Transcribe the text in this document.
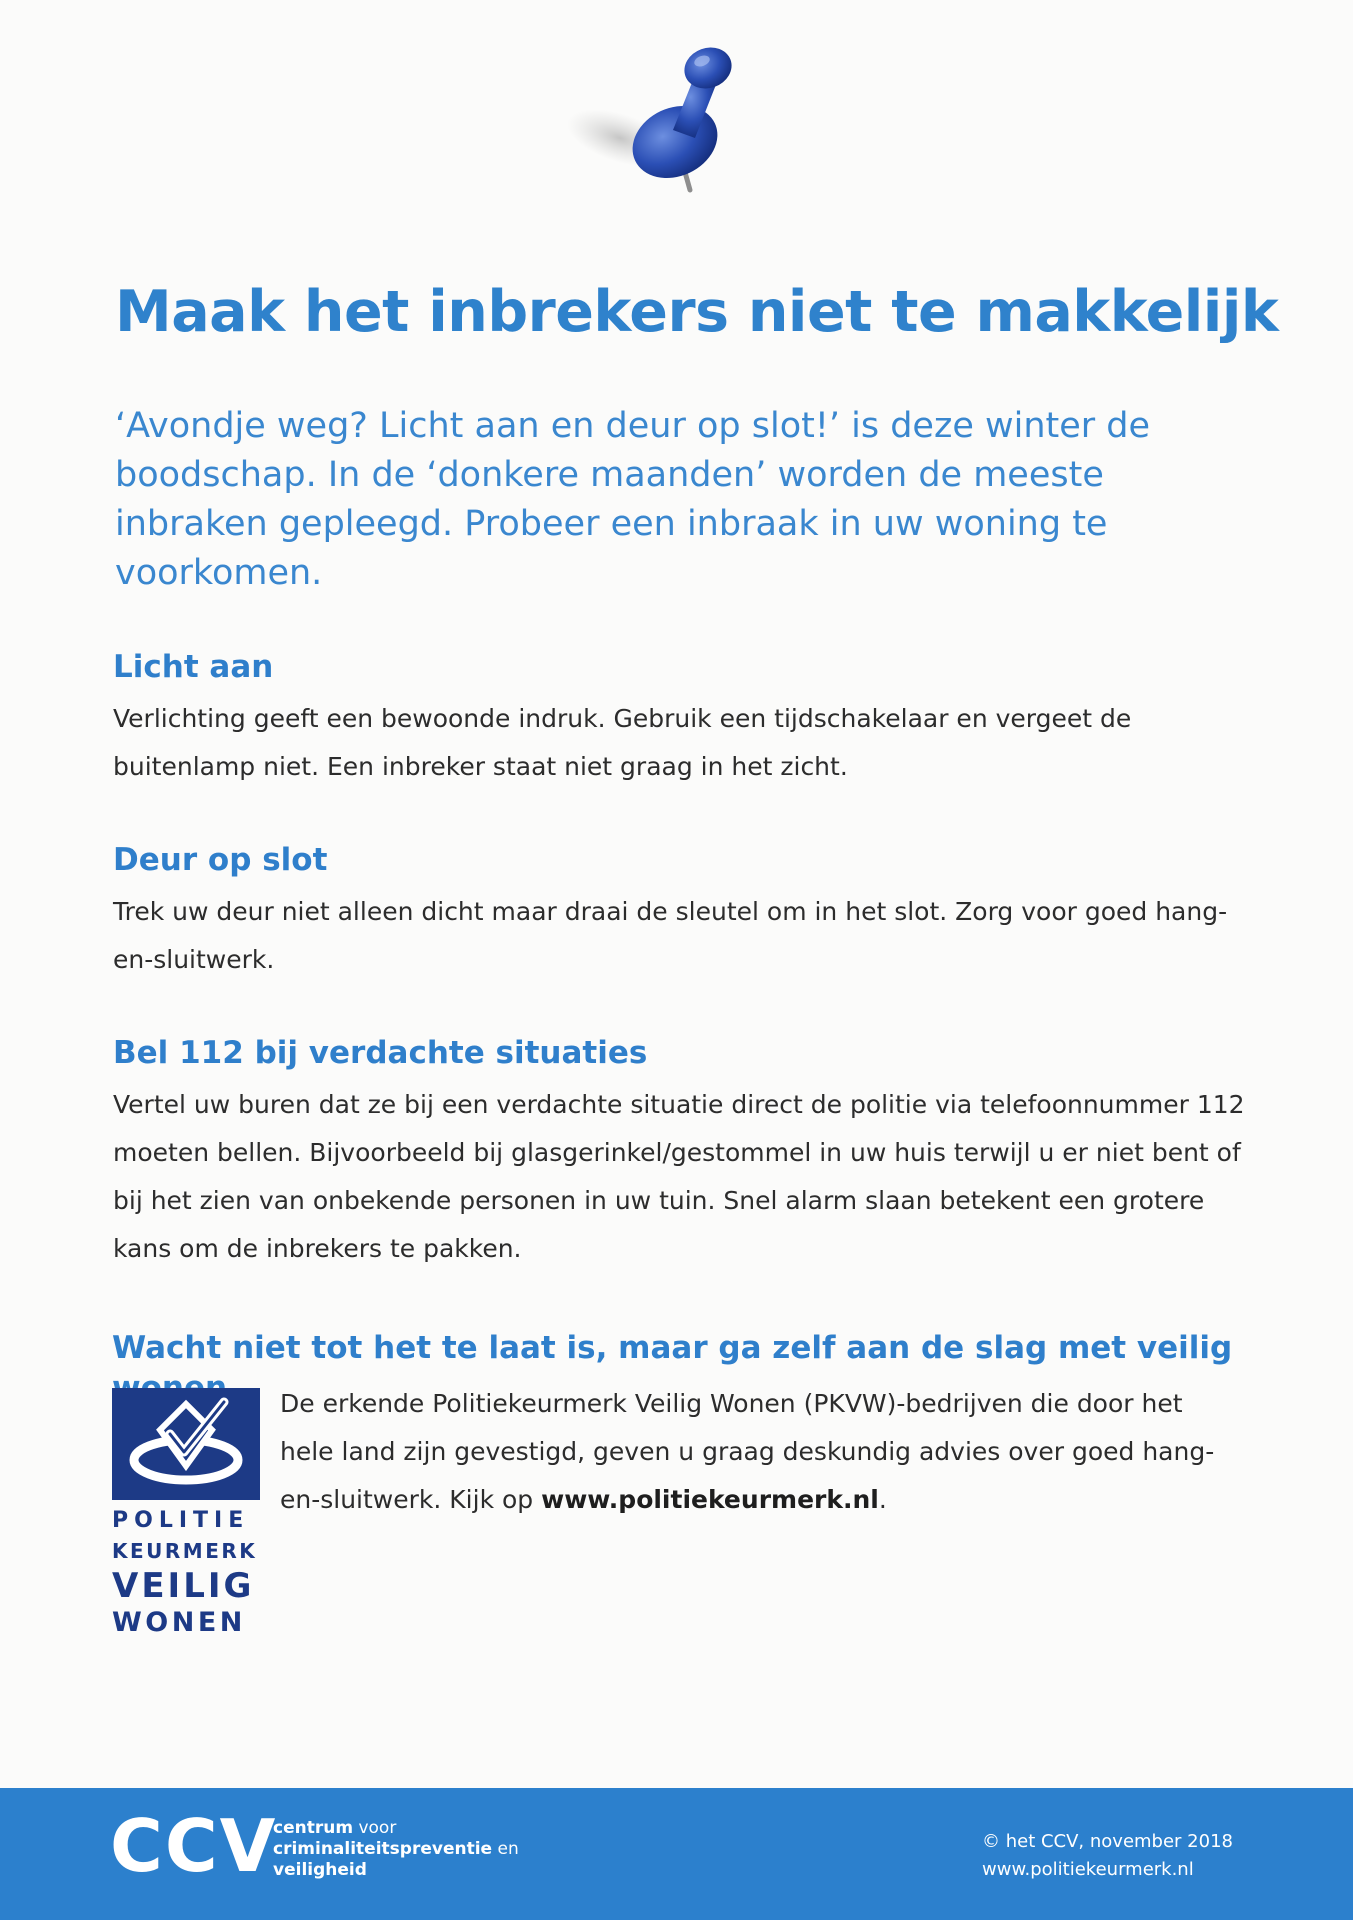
Maak het inbrekers niet te makkelijk

‘Avondje weg? Licht aan en deur op slot!’ is deze winter de boodschap. In de ‘donkere maanden’ worden de meeste inbraken gepleegd. Probeer een inbraak in uw woning te voorkomen.

Licht aan

Verlichting geeft een bewoonde indruk. Gebruik een tijdschakelaar en vergeet de buitenlamp niet. Een inbreker staat niet graag in het zicht.

Deur op slot

Trek uw deur niet alleen dicht maar draai de sleutel om in het slot. Zorg voor goed hang-en-sluitwerk.

Bel 112 bij verdachte situaties

Vertel uw buren dat ze bij een verdachte situatie direct de politie via telefoonnummer 112 moeten bellen. Bijvoorbeeld bij glasgerinkel/gestommel in uw huis terwijl u er niet bent of bij het zien van onbekende personen in uw tuin. Snel alarm slaan betekent een grotere kans om de inbrekers te pakken.

Wacht niet tot het te laat is, maar ga zelf aan de slag met veilig

POLITIE

KEURMERK

VEILIG

WONEN

De erkende Politiekeurmerk Veilig Wonen (PKVW)-bedrijven die door het hele land zijn gevestigd, geven u graag deskundig advies over goed hang-en-sluitwerk. Kijk op www.politiekeurmerk.nl.

CCV

centrum voor
criminaliteitspreventie en
veiligheid

© het CCV, november 2018
www.politiekeurmerk.nl
